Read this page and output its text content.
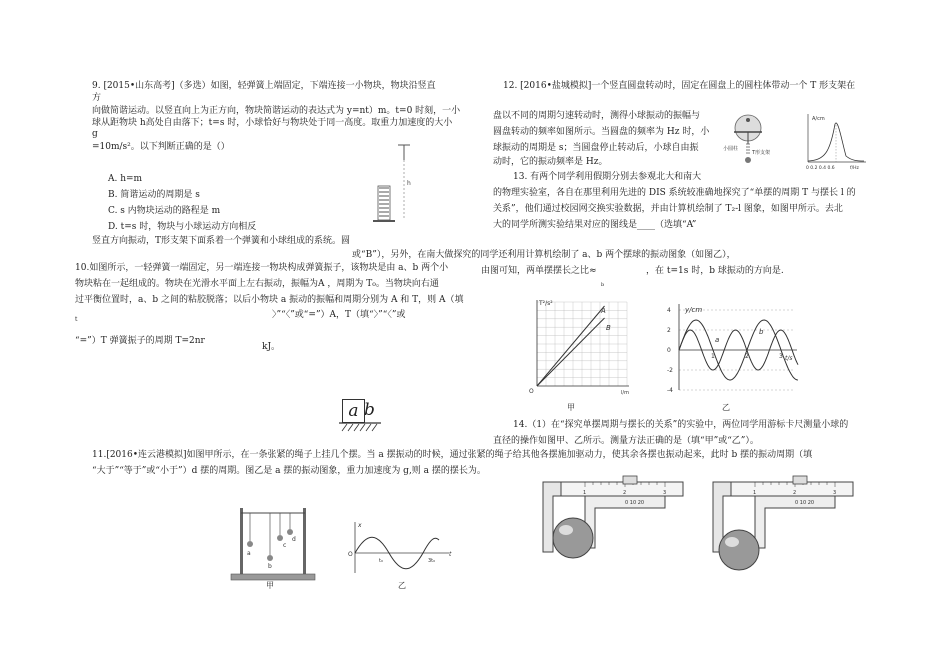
9. [2015•山东高考]（多选）如图，轻弹簧上端固定，下端连接一小物块，物块沿竖直
方
向做简谐运动。以竖直向上为正方向，物块简谐运动的表达式为 y=nt）m。t=0 时刻，一小
球从距物块 h高处自由落下；t=s 时，小球恰好与物块处于同一高度。取重力加速度的大小
g
=10m/s²。以下判断正确的是（）
A. h=m
B. 简谐运动的周期是 s
C. s 内物块运动的路程是 m
D. t=s 时，物块与小球运动方向相反
竖直方向振动，T形支架下面系着一个弹簧和小球组成的系统。圆
h
10.如图所示，一轻弹簧一端固定，另一端连接一物块构成弹簧振子，该物块是由 a、b 两个小
物块粘在一起组成的。物块在光滑水平面上左右振动，振幅为A ，周期为 T₀。当物块向右通
过平衡位置时，a、b 之间的粘胶脱落；以后小物块 a 振动的振幅和周期分别为 A 和 T，则 A（填
〉”“〈”或“=”）A，T（填“〉”“〈”或
t
“=”）T 弹簧振子的周期 T=2nr
kJ。
a b
11.[2016•连云港模拟]如图甲所示，在一条张紧的绳子上挂几个摆。当 a 摆振动的时候，通过张紧的绳子给其他各摆施加驱动力，使其余各摆也振动起来，此时 b 摆的振动周期（填
“大于”“等于”或“小于”）d 摆的周期。图乙是 a 摆的振动图象，重力加速度为 g,则 a 摆的摆长为。
a
b
c
d
甲
x
O	t
t₀	3t₀
乙
12. [2016•盐城模拟]一个竖直圆盘转动时，固定在圆盘上的圆柱体带动一个 T 形支架在
盘以不同的周期匀速转动时，测得小球振动的振幅与
圆盘转动的频率如图所示。当圆盘的频率为 Hz 时，小
球振动的周期是 s；当圆盘停止转动后，小球自由振
动时，它的振动频率是 Hz。
小圆柱
T形支架
A/cm
0 0.2 0.4 0.6	f/Hz
13. 有两个同学利用假期分别去参观北大和南大
的物理实验室，各自在那里利用先进的 DIS 系统较准确地探究了“单摆的周期 T 与摆长 l 的
关系”，他们通过校园网交换实验数据，并由计算机绘制了 T₂-l 图象，如图甲所示。去北
大的同学所测实验结果对应的图线是____（选填“A”
或“B”），另外，在南大做探究的同学还利用计算机绘制了 a、b 两个摆球的振动图象（如图乙），
由图可知，两单摆摆长之比≈	，在 t=1s 时，b 球振动的方向是.
b
T²/s²
l/m
O
A
B
甲
4
2
0
-2
-4
1	2	3
y/cm
t/s
a
b
乙
14.（1）在“探究单摆周期与摆长的关系”的实验中，两位同学用游标卡尺测量小球的
直径的操作如图甲、乙所示。测量方法正确的是（填“甲”或“乙”）。
1	2	3
0 10 20
1	2	3
0 10 20
